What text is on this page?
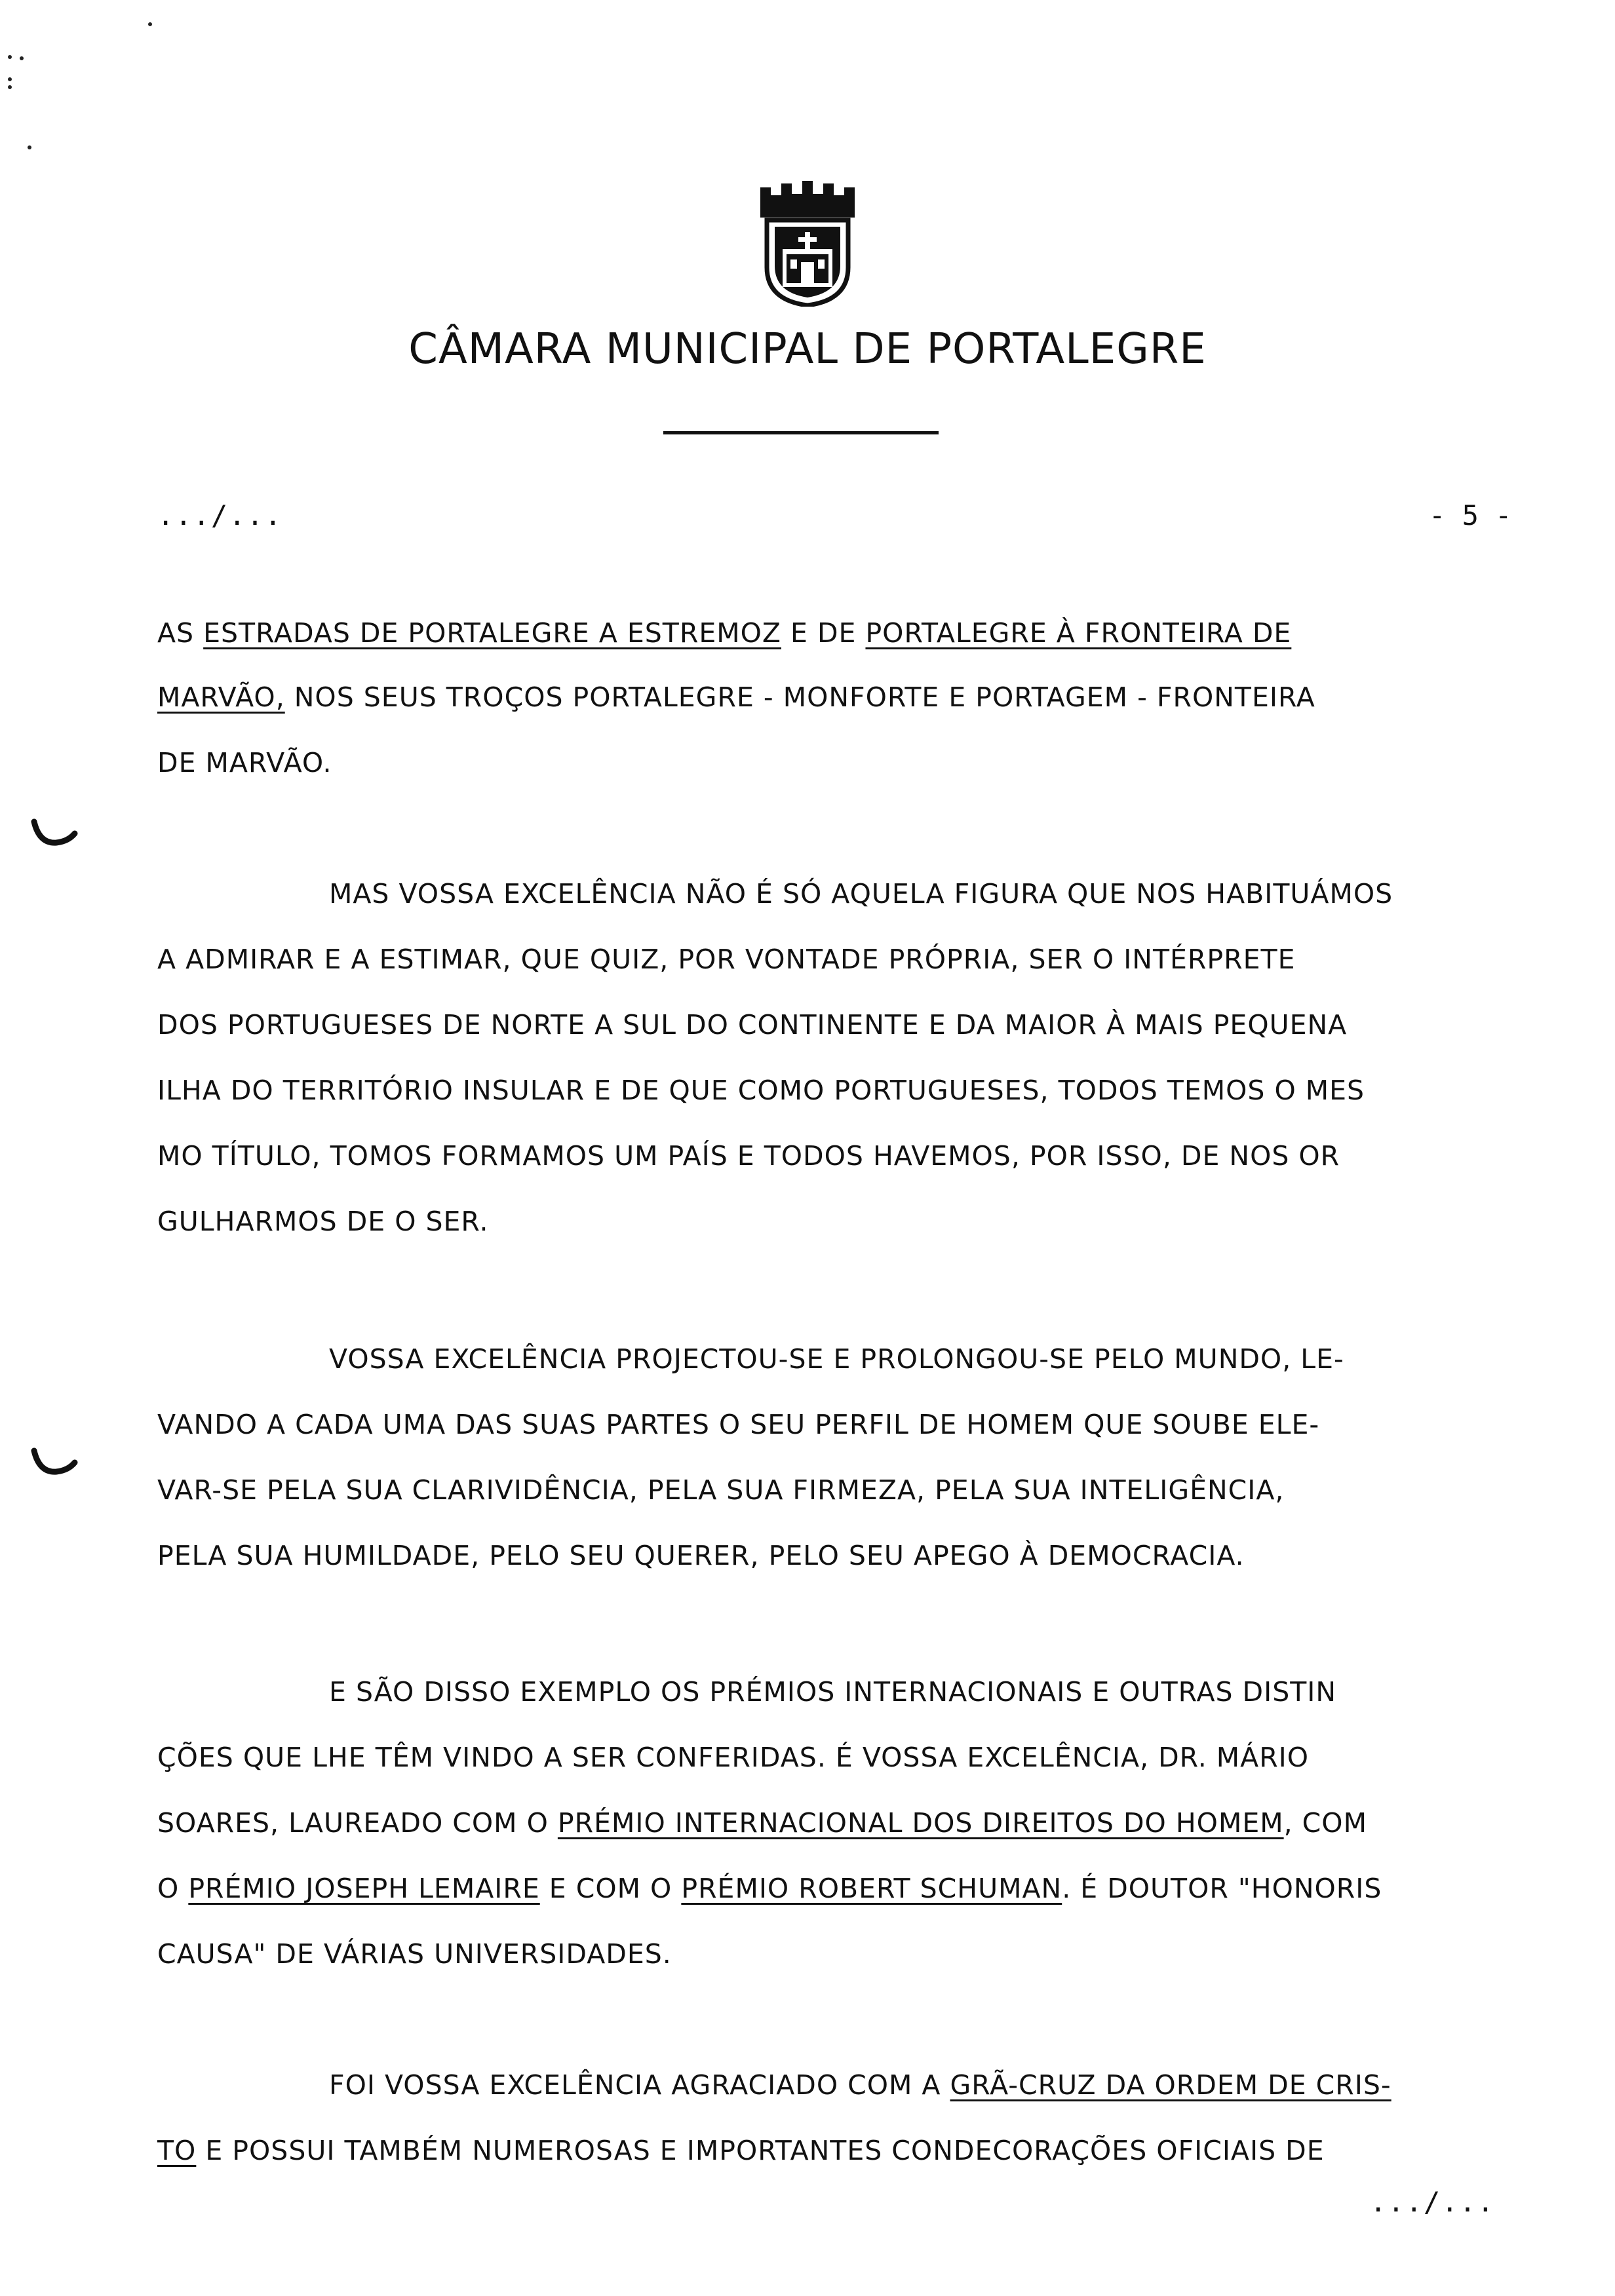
CÂMARA MUNICIPAL DE PORTALEGRE
.../...	- 5 -
AS ESTRADAS DE PORTALEGRE A ESTREMOZ E DE PORTALEGRE À FRONTEIRA DE
MARVÃO, NOS SEUS TROÇOS PORTALEGRE - MONFORTE E PORTAGEM - FRONTEIRA
DE MARVÃO.
MAS VOSSA EXCELÊNCIA NÃO É SÓ AQUELA FIGURA QUE NOS HABITUÁMOS
A ADMIRAR E A ESTIMAR, QUE QUIZ, POR VONTADE PRÓPRIA, SER O INTÉRPRETE
DOS PORTUGUESES DE NORTE A SUL DO CONTINENTE E DA MAIOR À MAIS PEQUENA
ILHA DO TERRITÓRIO INSULAR E DE QUE COMO PORTUGUESES, TODOS TEMOS O MES
MO TÍTULO, TOMOS FORMAMOS UM PAÍS E TODOS HAVEMOS, POR ISSO, DE NOS OR
GULHARMOS DE O SER.
VOSSA EXCELÊNCIA PROJECTOU-SE E PROLONGOU-SE PELO MUNDO, LE-
VANDO A CADA UMA DAS SUAS PARTES O SEU PERFIL DE HOMEM QUE SOUBE ELE-
VAR-SE PELA SUA CLARIVIDÊNCIA, PELA SUA FIRMEZA, PELA SUA INTELIGÊNCIA,
PELA SUA HUMILDADE, PELO SEU QUERER, PELO SEU APEGO À DEMOCRACIA.
E SÃO DISSO EXEMPLO OS PRÉMIOS INTERNACIONAIS E OUTRAS DISTIN
ÇÕES QUE LHE TÊM VINDO A SER CONFERIDAS. É VOSSA EXCELÊNCIA, DR. MÁRIO
SOARES, LAUREADO COM O PRÉMIO INTERNACIONAL DOS DIREITOS DO HOMEM, COM
O PRÉMIO JOSEPH LEMAIRE E COM O PRÉMIO ROBERT SCHUMAN. É DOUTOR "HONORIS
CAUSA" DE VÁRIAS UNIVERSIDADES.
FOI VOSSA EXCELÊNCIA AGRACIADO COM A GRÃ-CRUZ DA ORDEM DE CRIS-
TO E POSSUI TAMBÉM NUMEROSAS E IMPORTANTES CONDECORAÇÕES OFICIAIS DE
.../...
